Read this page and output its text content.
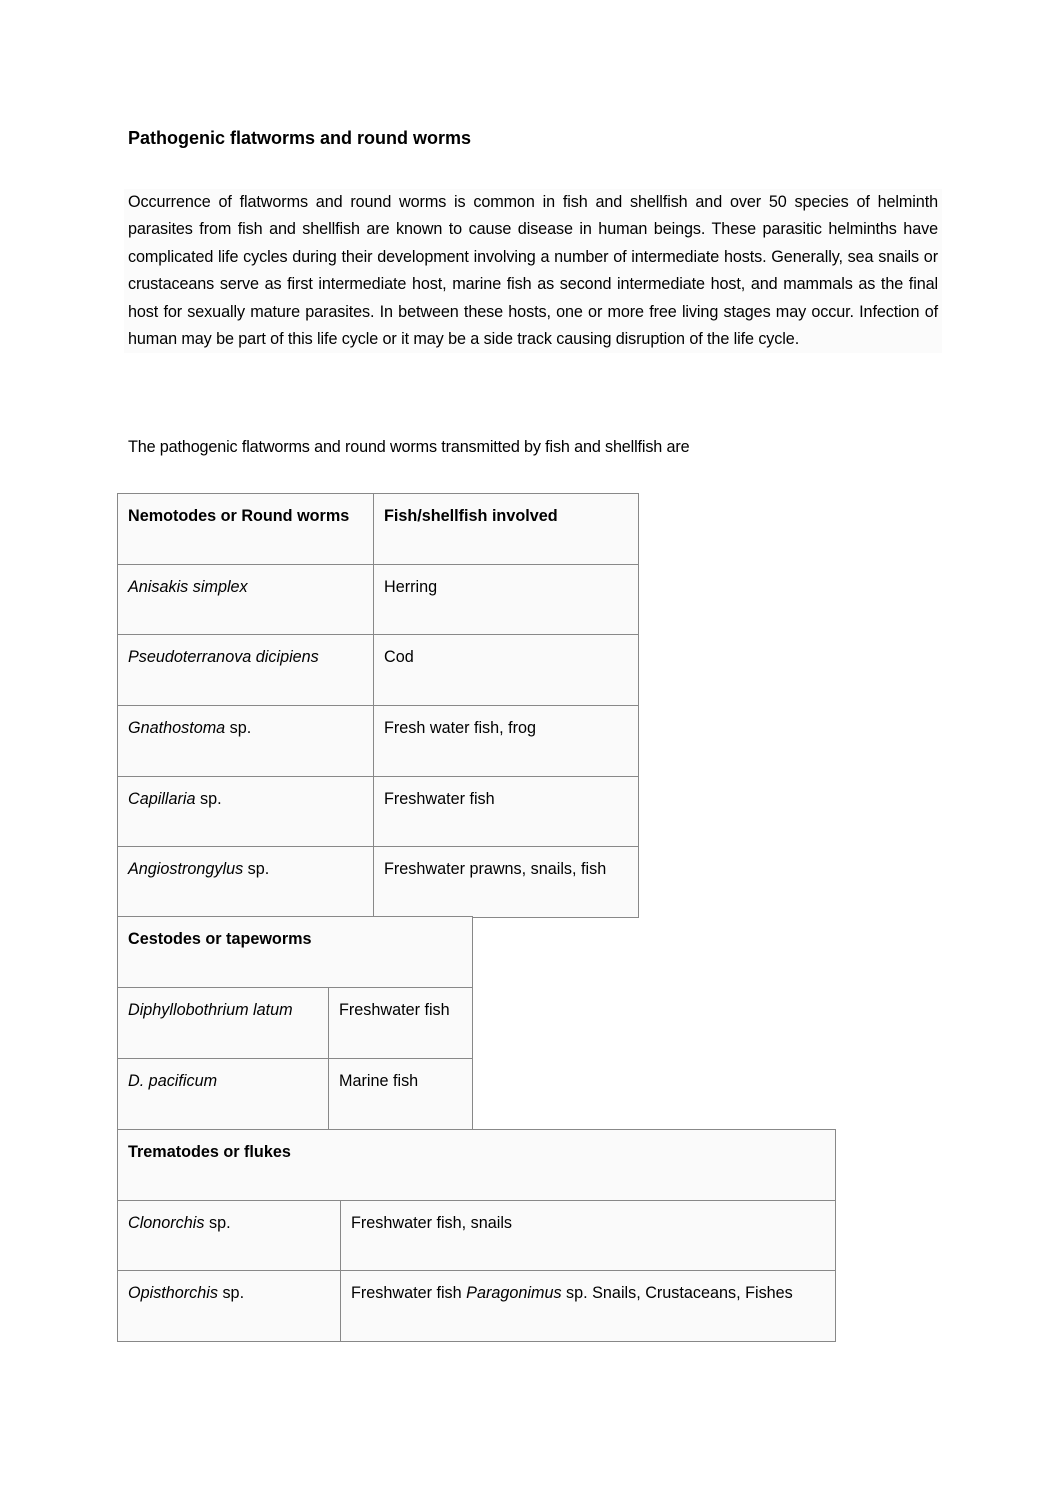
Pathogenic flatworms and round worms
Occurrence of flatworms and round worms is common in fish and shellfish and over 50 species of helminth parasites from fish and shellfish are known to cause disease in human beings. These parasitic helminths have complicated life cycles during their development involving a number of intermediate hosts. Generally, sea snails or crustaceans serve as first intermediate host, marine fish as second intermediate host, and mammals as the final host for sexually mature parasites. In between these hosts, one or more free living stages may occur. Infection of human may be part of this life cycle or it may be a side track causing disruption of the life cycle.
The pathogenic flatworms and round worms transmitted by fish and shellfish are
Nemotodes or Round worms	Fish/shellfish involved
Anisakis simplex	Herring
Pseudoterranova dicipiens	Cod
Gnathostoma sp.	Fresh water fish, frog
Capillaria sp.	Freshwater fish
Angiostrongylus sp.	Freshwater prawns, snails, fish
Cestodes or tapeworms	
Diphyllobothrium latum	Freshwater fish
D. pacificum	Marine fish
Trematodes or flukes	
Clonorchis sp.	Freshwater fish, snails
Opisthorchis sp.	Freshwater fish Paragonimus sp. Snails, Crustaceans, Fishes
